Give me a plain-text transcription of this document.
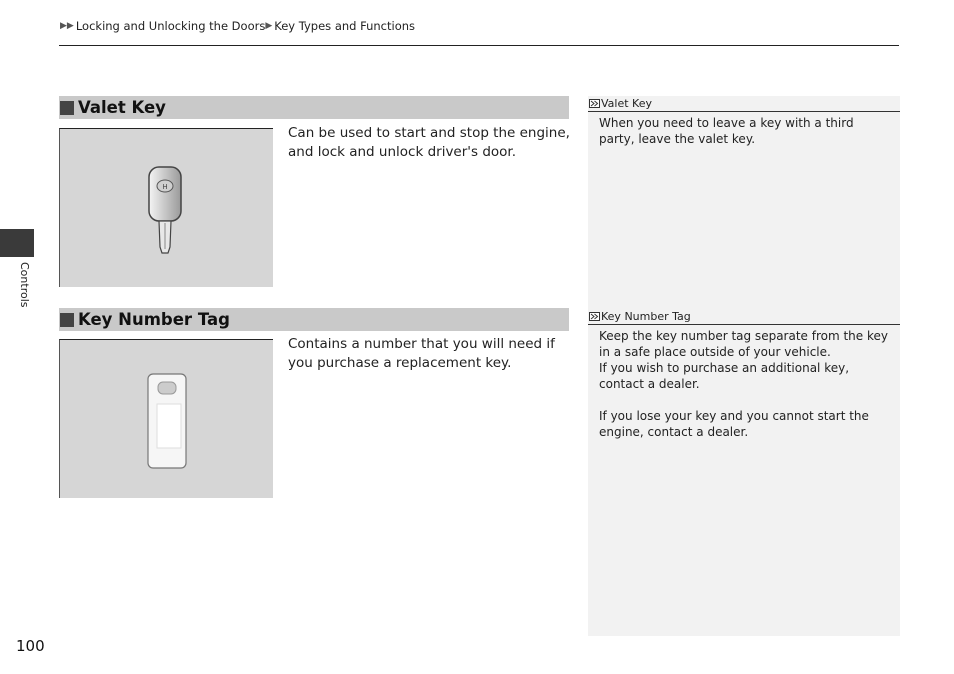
▶▶ Locking and Unlocking the Doors ▶ Key Types and Functions
Controls
Valet Key
H
Can be used to start and stop the engine, and lock and unlock driver's door.
Key Number Tag
Contains a number that you will need if you purchase a replacement key.
Valet Key

When you need to leave a key with a third party, leave the valet key.

Key Number Tag

Keep the key number tag separate from the key in a safe place outside of your vehicle.

If you wish to purchase an additional key, contact a dealer.

If you lose your key and you cannot start the engine, contact a dealer.

100
